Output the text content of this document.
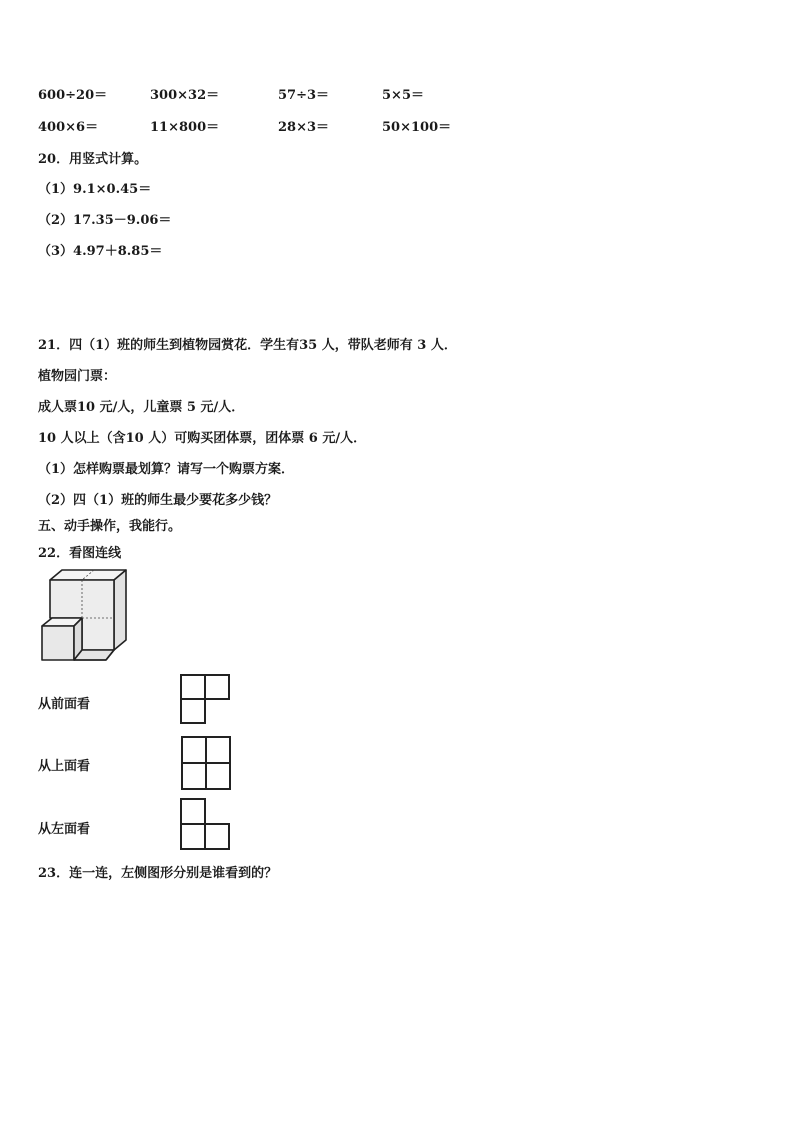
600÷20＝	300×32＝	57÷3＝	5×5＝
400×6＝	11×800＝	28×3＝	50×100＝
20．用竖式计算。
（1）9.1×0.45＝
（2）17.35－9.06＝
（3）4.97＋8.85＝
21．四（1）班的师生到植物园赏花．学生有35 人，带队老师有 3 人．
植物园门票：
成人票10 元/人，儿童票 5 元/人．
10 人以上（含10 人）可购买团体票，团体票 6 元/人．
（1）怎样购票最划算？请写一个购票方案．
（2）四（1）班的师生最少要花多少钱？
五、动手操作，我能行。
22．看图连线
从前面看
从上面看
从左面看
23．连一连，左侧图形分别是谁看到的？
